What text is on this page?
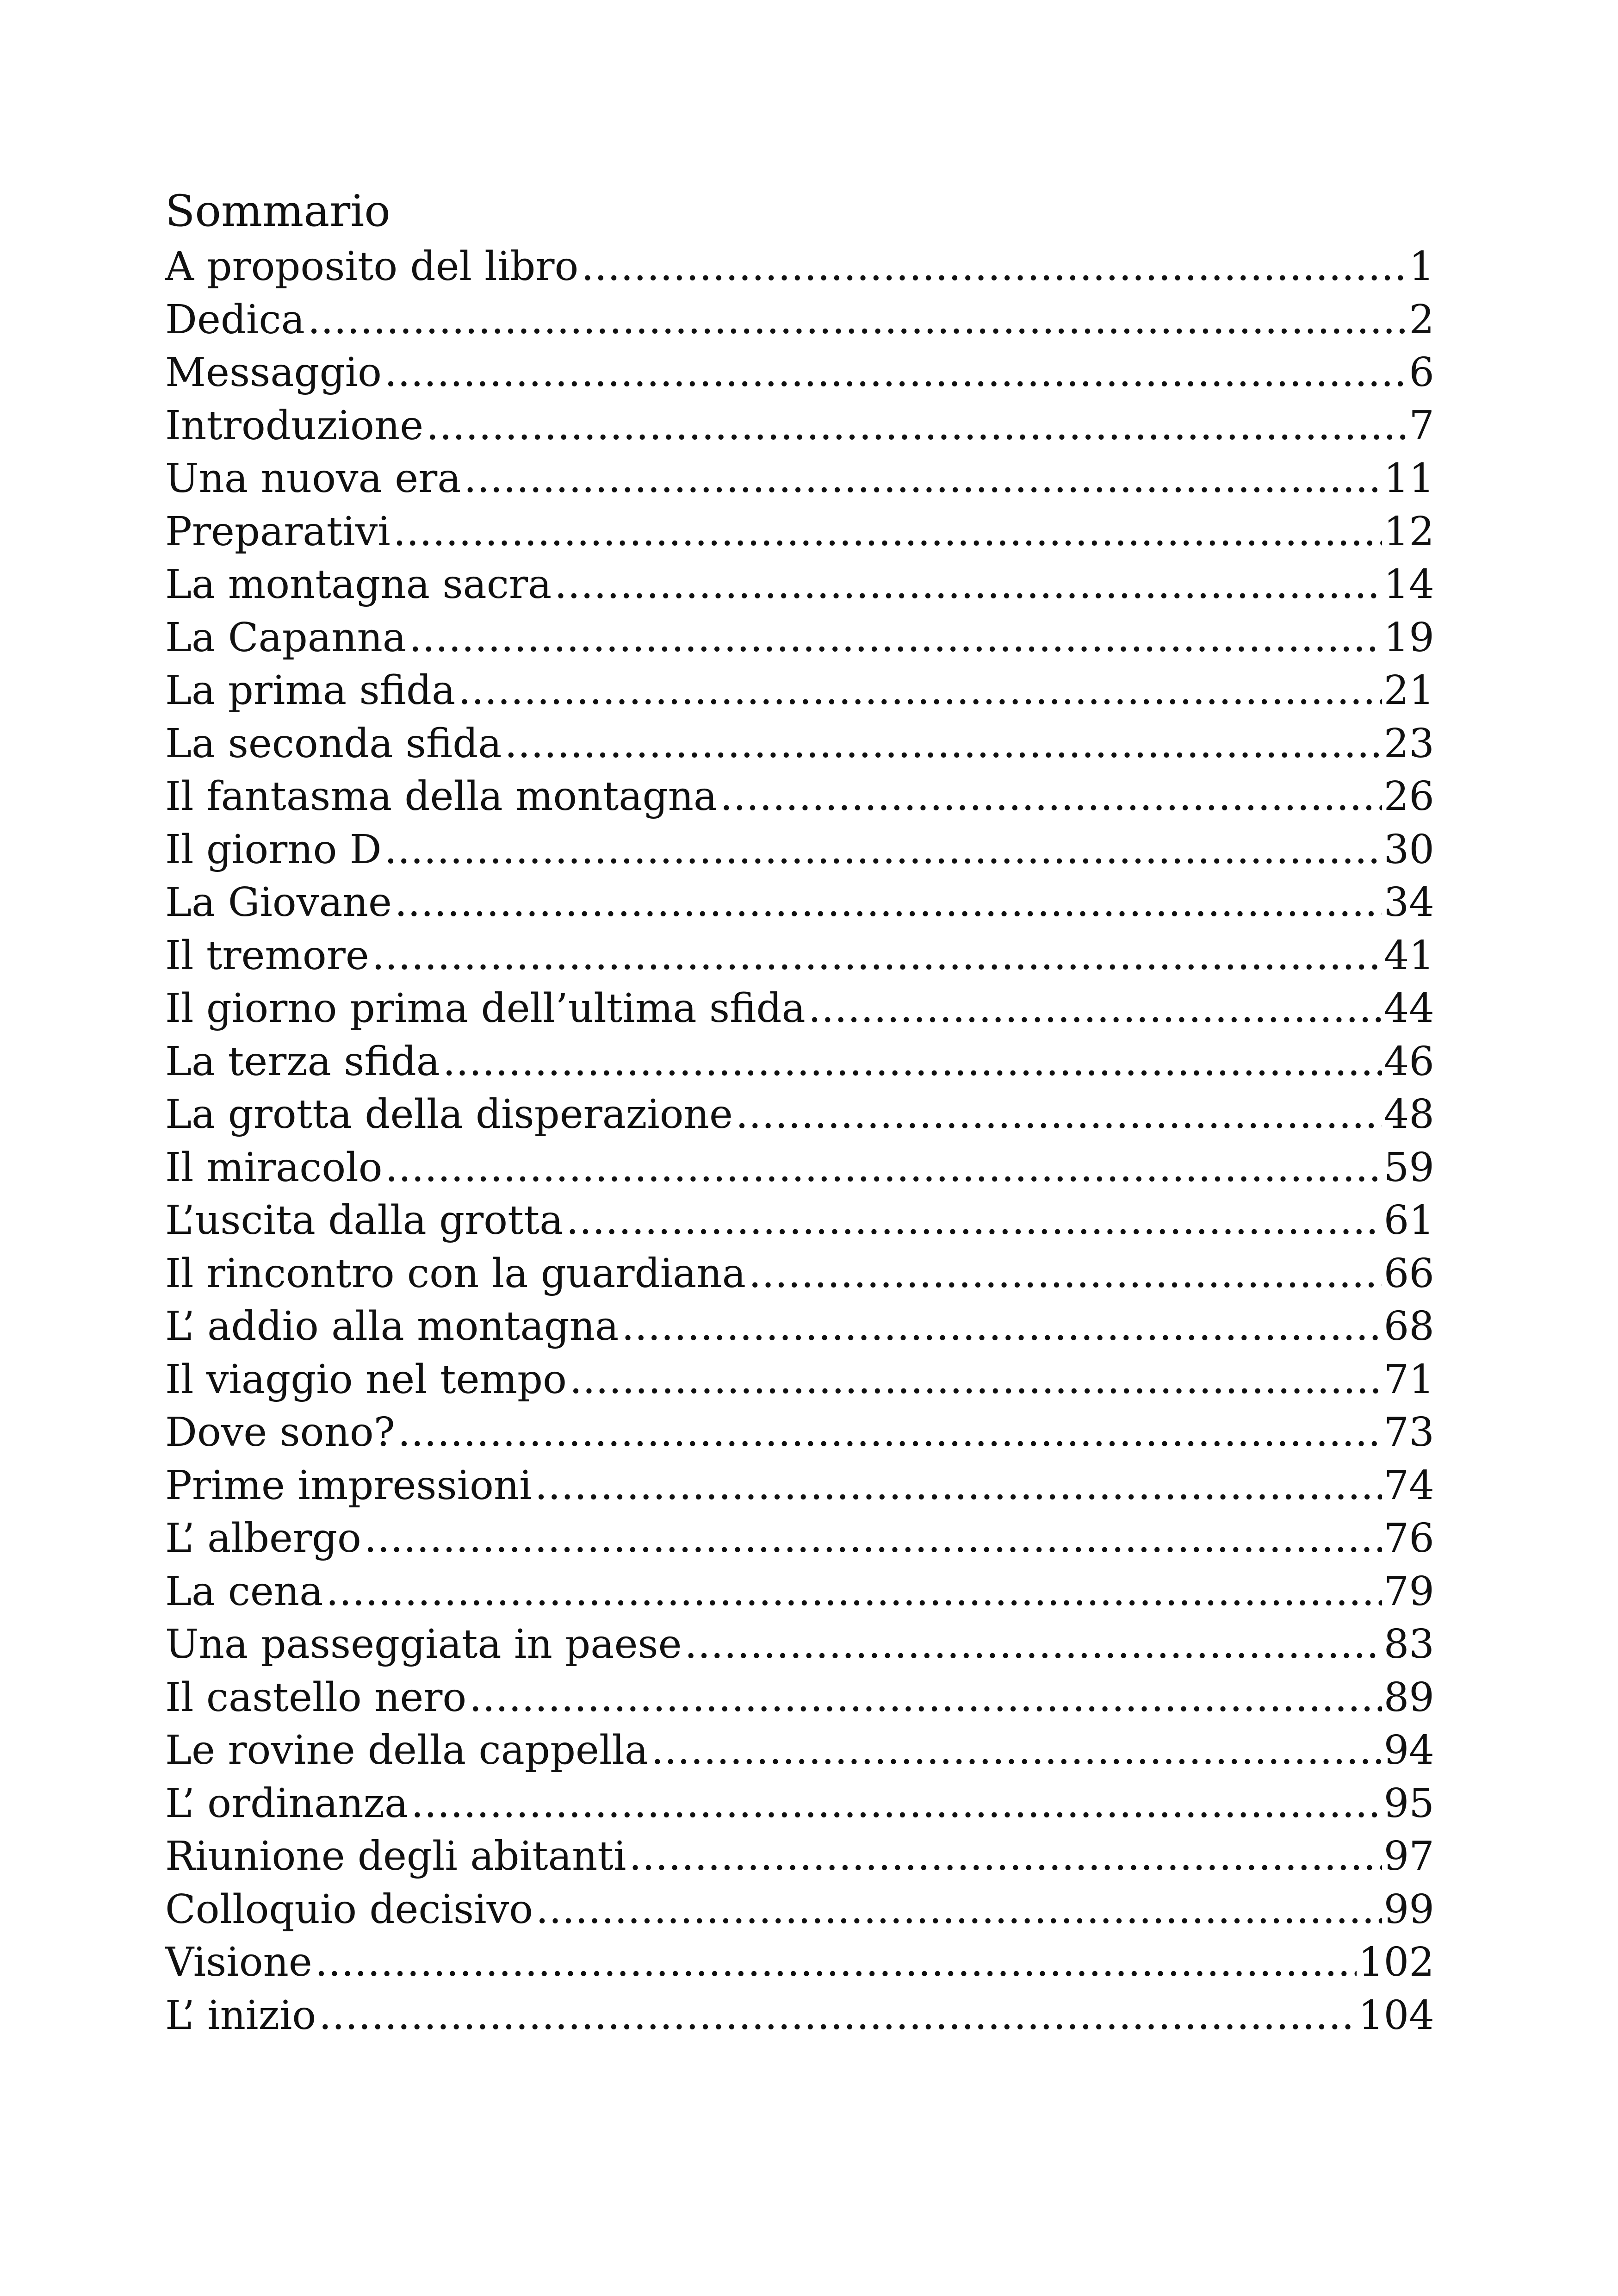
Sommario
A proposito del libro .....	1
Dedica .....	2
Messaggio .....	6
Introduzione .....	7
Una nuova era .....	11
Preparativi .....	12
La montagna sacra .....	14
La Capanna .....	19
La prima sfida .....	21
La seconda sfida .....	23
Il fantasma della montagna .....	26
Il giorno D .....	30
La Giovane .....	34
Il tremore .....	41
Il giorno prima dell’ultima sfida .....	44
La terza sfida .....	46
La grotta della disperazione .....	48
Il miracolo .....	59
L’uscita dalla grotta .....	61
Il rincontro con la guardiana .....	66
L’ addio alla montagna .....	68
Il viaggio nel tempo .....	71
Dove sono? .....	73
Prime impressioni .....	74
L’ albergo .....	76
La cena .....	79
Una passeggiata in paese .....	83
Il castello nero .....	89
Le rovine della cappella .....	94
L’ ordinanza .....	95
Riunione degli abitanti .....	97
Colloquio decisivo .....	99
Visione .....	102
L’ inizio .....	104
